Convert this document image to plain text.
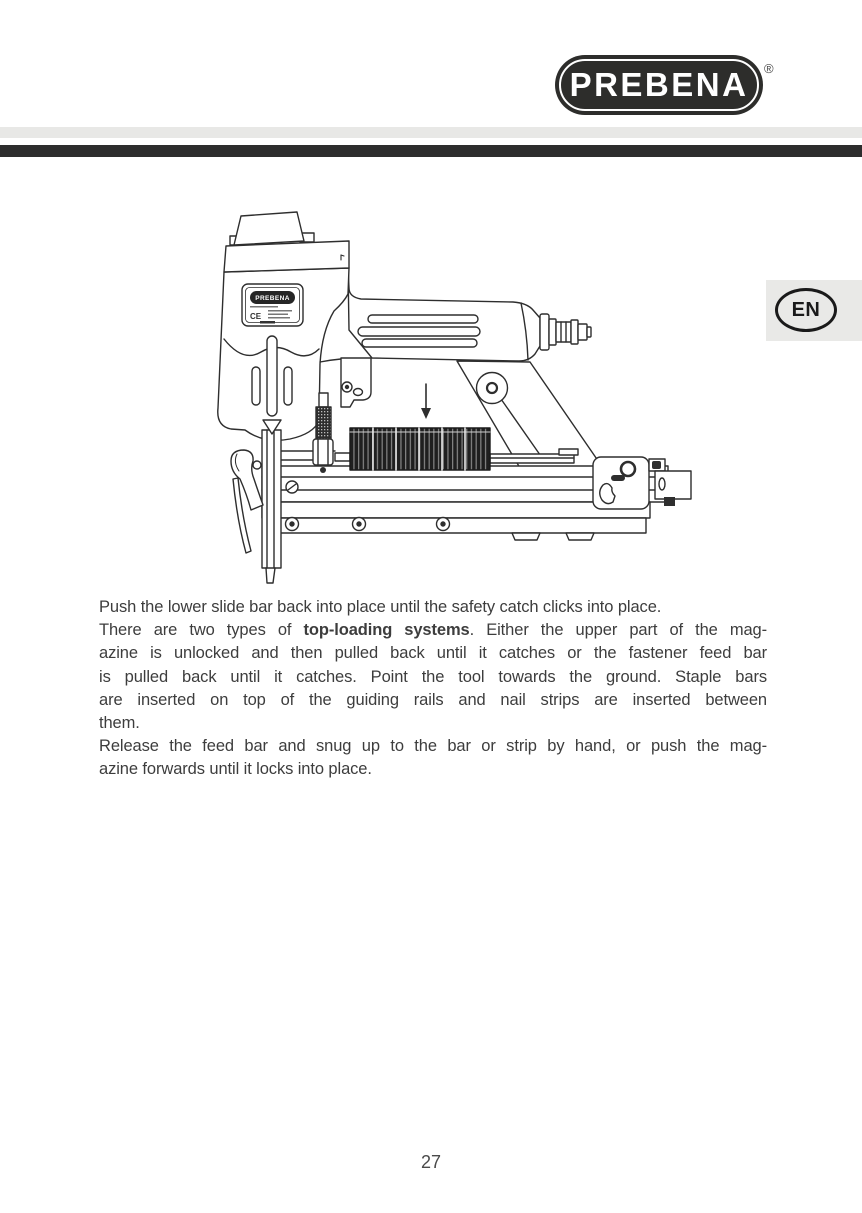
PREBENA ®
EN
PREBENA
CE
Push the lower slide bar back into place until the safety catch clicks into place.
There are two types of top-loading systems. Either the upper part of the mag-
azine is unlocked and then pulled back until it catches or the fastener feed bar
is pulled back until it catches. Point the tool towards the ground. Staple bars
are inserted on top of the guiding rails and nail strips are inserted between
them.
Release the feed bar and snug up to the bar or strip by hand, or push the mag-
azine forwards until it locks into place.
27
